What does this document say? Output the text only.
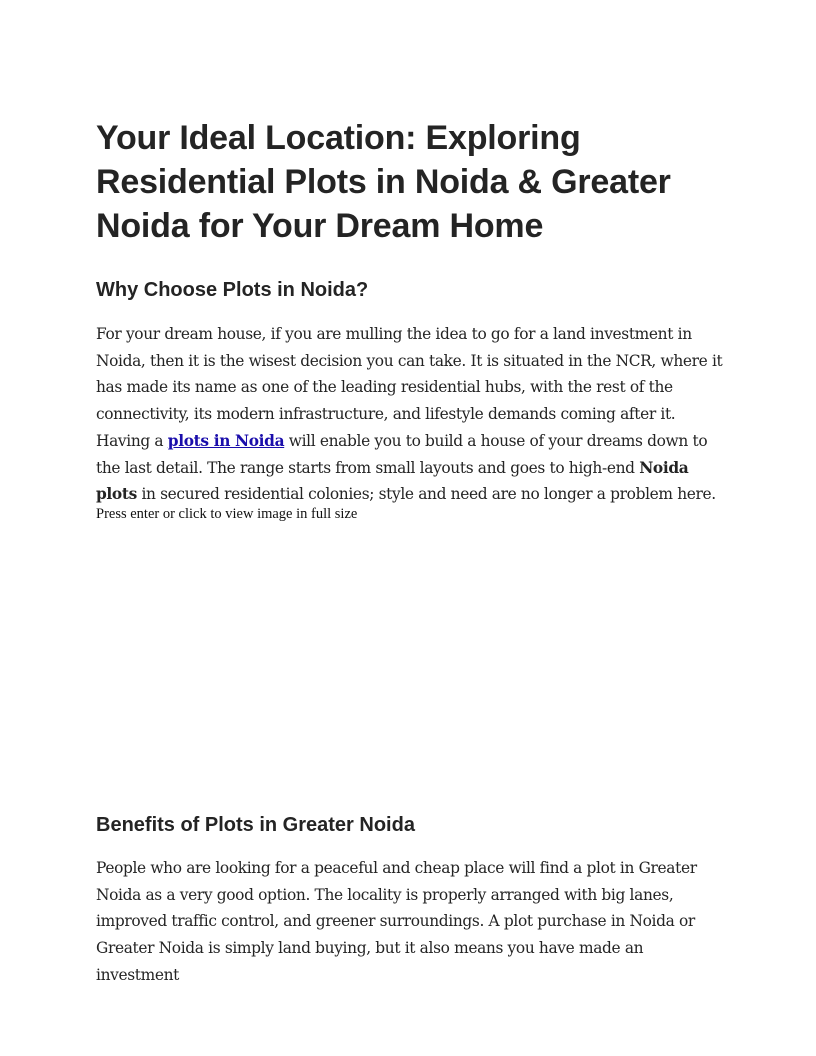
Your Ideal Location: Exploring Residential Plots in Noida & Greater Noida for Your Dream Home
Why Choose Plots in Noida?

For your dream house, if you are mulling the idea to go for a land investment in Noida, then it is the wisest decision you can take. It is situated in the NCR, where it has made its name as one of the leading residential hubs, with the rest of the connectivity, its modern infrastructure, and lifestyle demands coming after it. Having a plots in Noida will enable you to build a house of your dreams down to the last detail. The range starts from small layouts and goes to high-end Noida plots in secured residential colonies; style and need are no longer a problem here.

Press enter or click to view image in full size
Benefits of Plots in Greater Noida

People who are looking for a peaceful and cheap place will find a plot in Greater Noida as a very good option. The locality is properly arranged with big lanes, improved traffic control, and greener surroundings. A plot purchase in Noida or Greater Noida is simply land buying, but it also means you have made an investment
